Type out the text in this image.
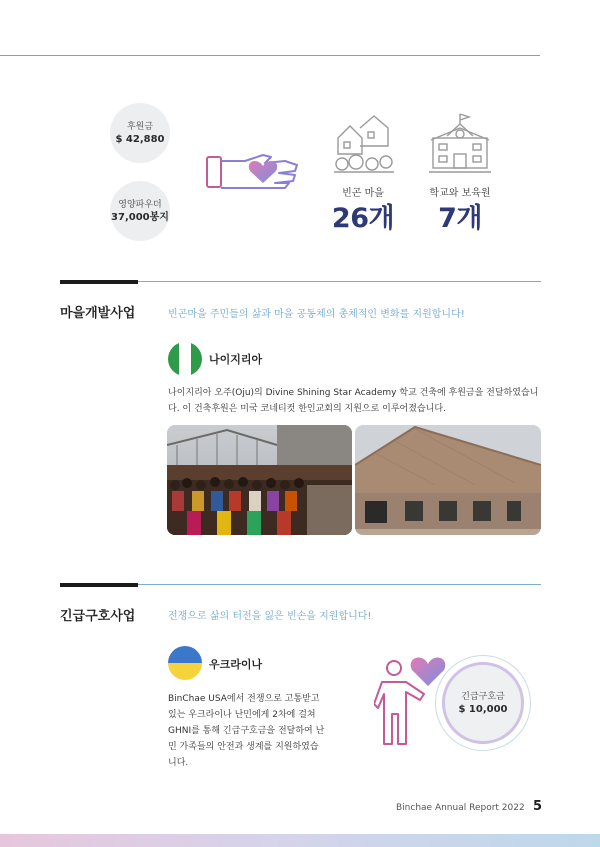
후원금
$ 42,880
영양파우더
37,000봉지
빈곤 마을
26개
학교와 보육원
7개
마을개발사업	빈곤마을 주민들의 삶과 마을 공동체의 총체적인 변화를 지원합니다!
나이지리아
나이지리아 오주(Oju)의 Divine Shining Star Academy 학교 건축에 후원금을 전달하였습니
다. 이 건축후원은 미국 코네티컷 한인교회의 지원으로 이루어졌습니다.
긴급구호사업	전쟁으로 삶의 터전을 잃은 빈손을 지원합니다!
우크라이나
BinChae USA에서 전쟁으로 고통받고
있는 우크라이나 난민에게 2차에 걸쳐
GHNI를 통해 긴급구호금을 전달하여 난
민 가족들의 안전과 생계를 지원하였습
니다.
긴급구호금
$ 10,000
Binchae Annual Report 2022 5
